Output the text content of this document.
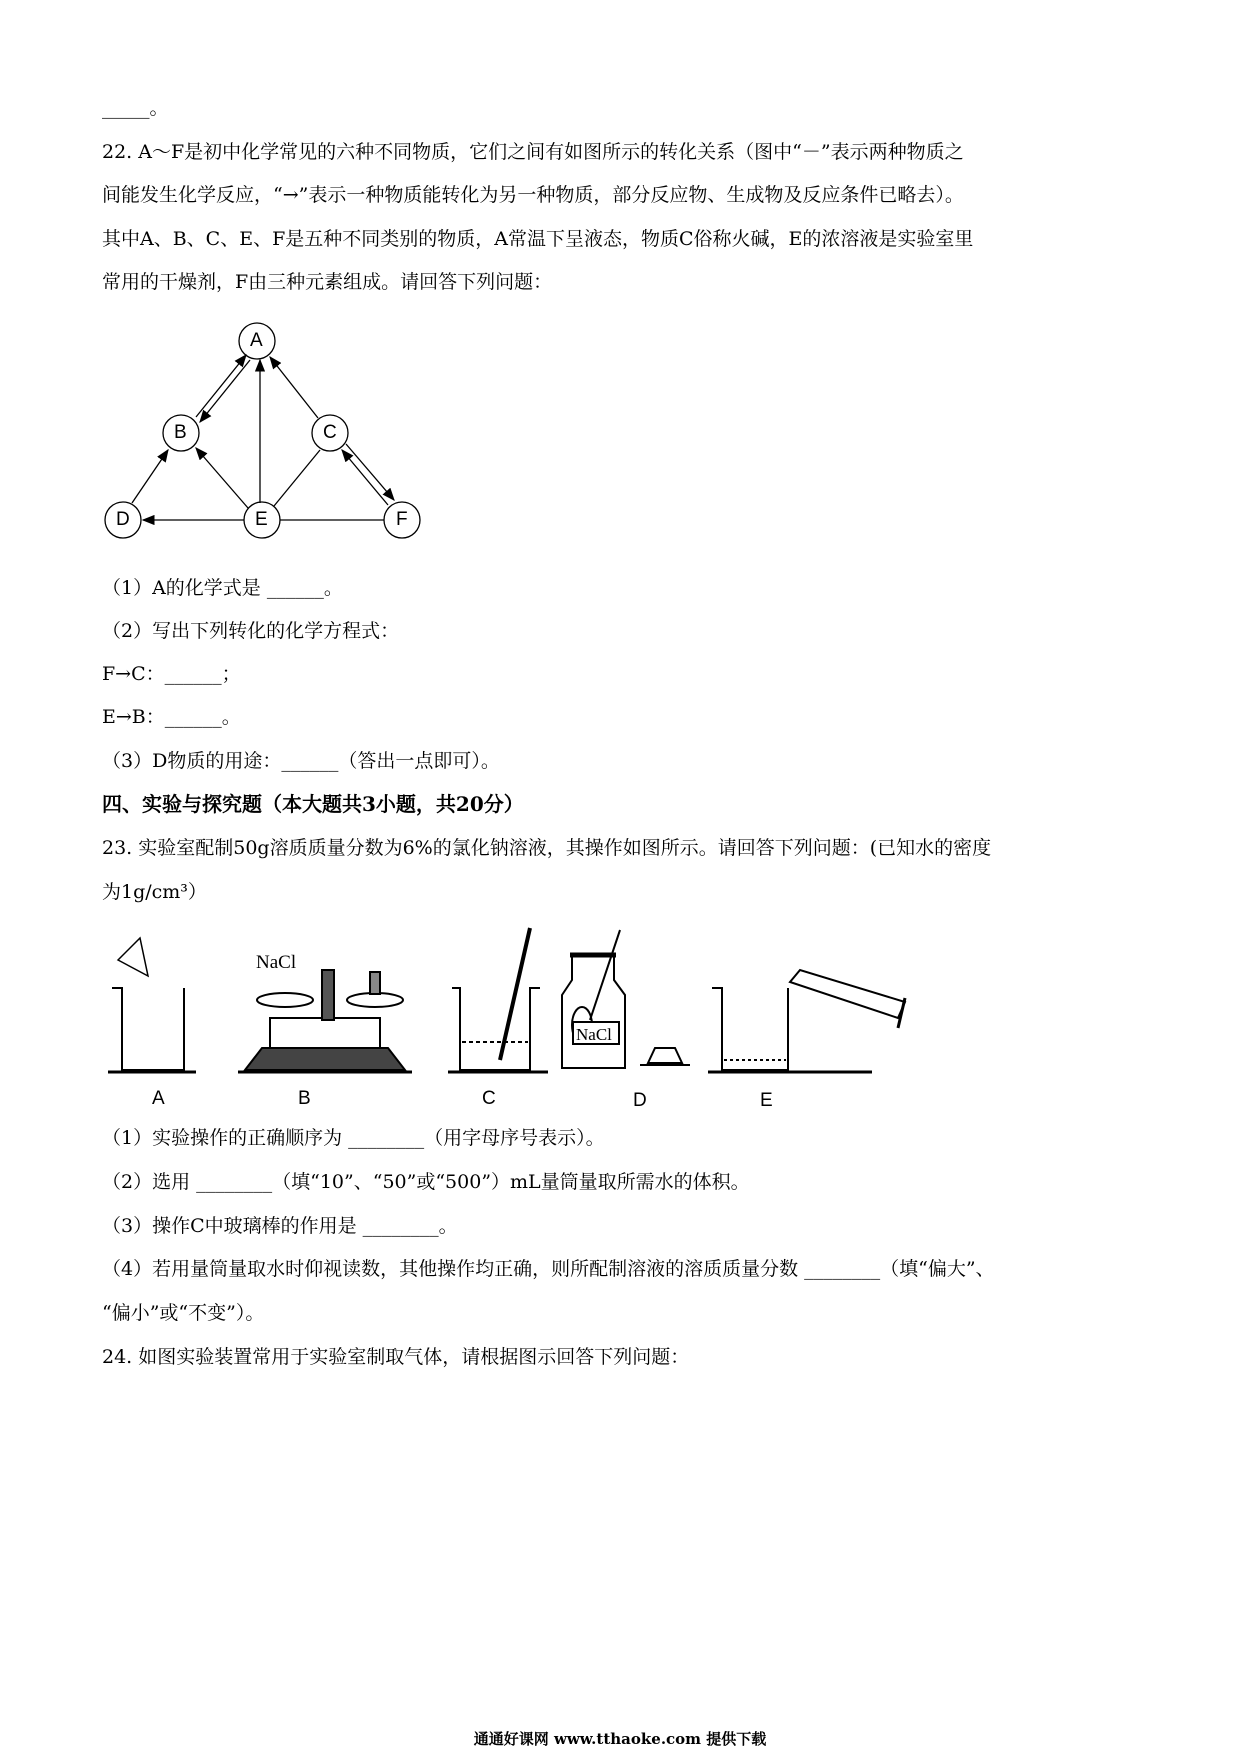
_____。
22. A～F是初中化学常见的六种不同物质，它们之间有如图所示的转化关系（图中“－”表示两种物质之
间能发生化学反应，“→”表示一种物质能转化为另一种物质，部分反应物、生成物及反应条件已略去）。
其中A、B、C、E、F是五种不同类别的物质，A常温下呈液态，物质C俗称火碱，E的浓溶液是实验室里
常用的干燥剂，F由三种元素组成。请回答下列问题：
A
B	C
D	E	F
（1）A的化学式是 ______。
（2）写出下列转化的化学方程式：
F→C：______；
E→B：______。
（3）D物质的用途：______（答出一点即可）。
四、实验与探究题（本大题共3小题，共20分）
23. 实验室配制50g溶质质量分数为6%的氯化钠溶液，其操作如图所示。请回答下列问题：(已知水的密度
为1g/cm³）
NaCl
NaCl
A	B	C	D	E
（1）实验操作的正确顺序为 ________（用字母序号表示）。
（2）选用 ________（填“10”、“50”或“500”）mL量筒量取所需水的体积。
（3）操作C中玻璃棒的作用是 ________。
（4）若用量筒量取水时仰视读数，其他操作均正确，则所配制溶液的溶质质量分数 ________（填“偏大”、
“偏小”或“不变”）。
24. 如图实验装置常用于实验室制取气体，请根据图示回答下列问题：
通通好课网 www.tthaoke.com 提供下载
